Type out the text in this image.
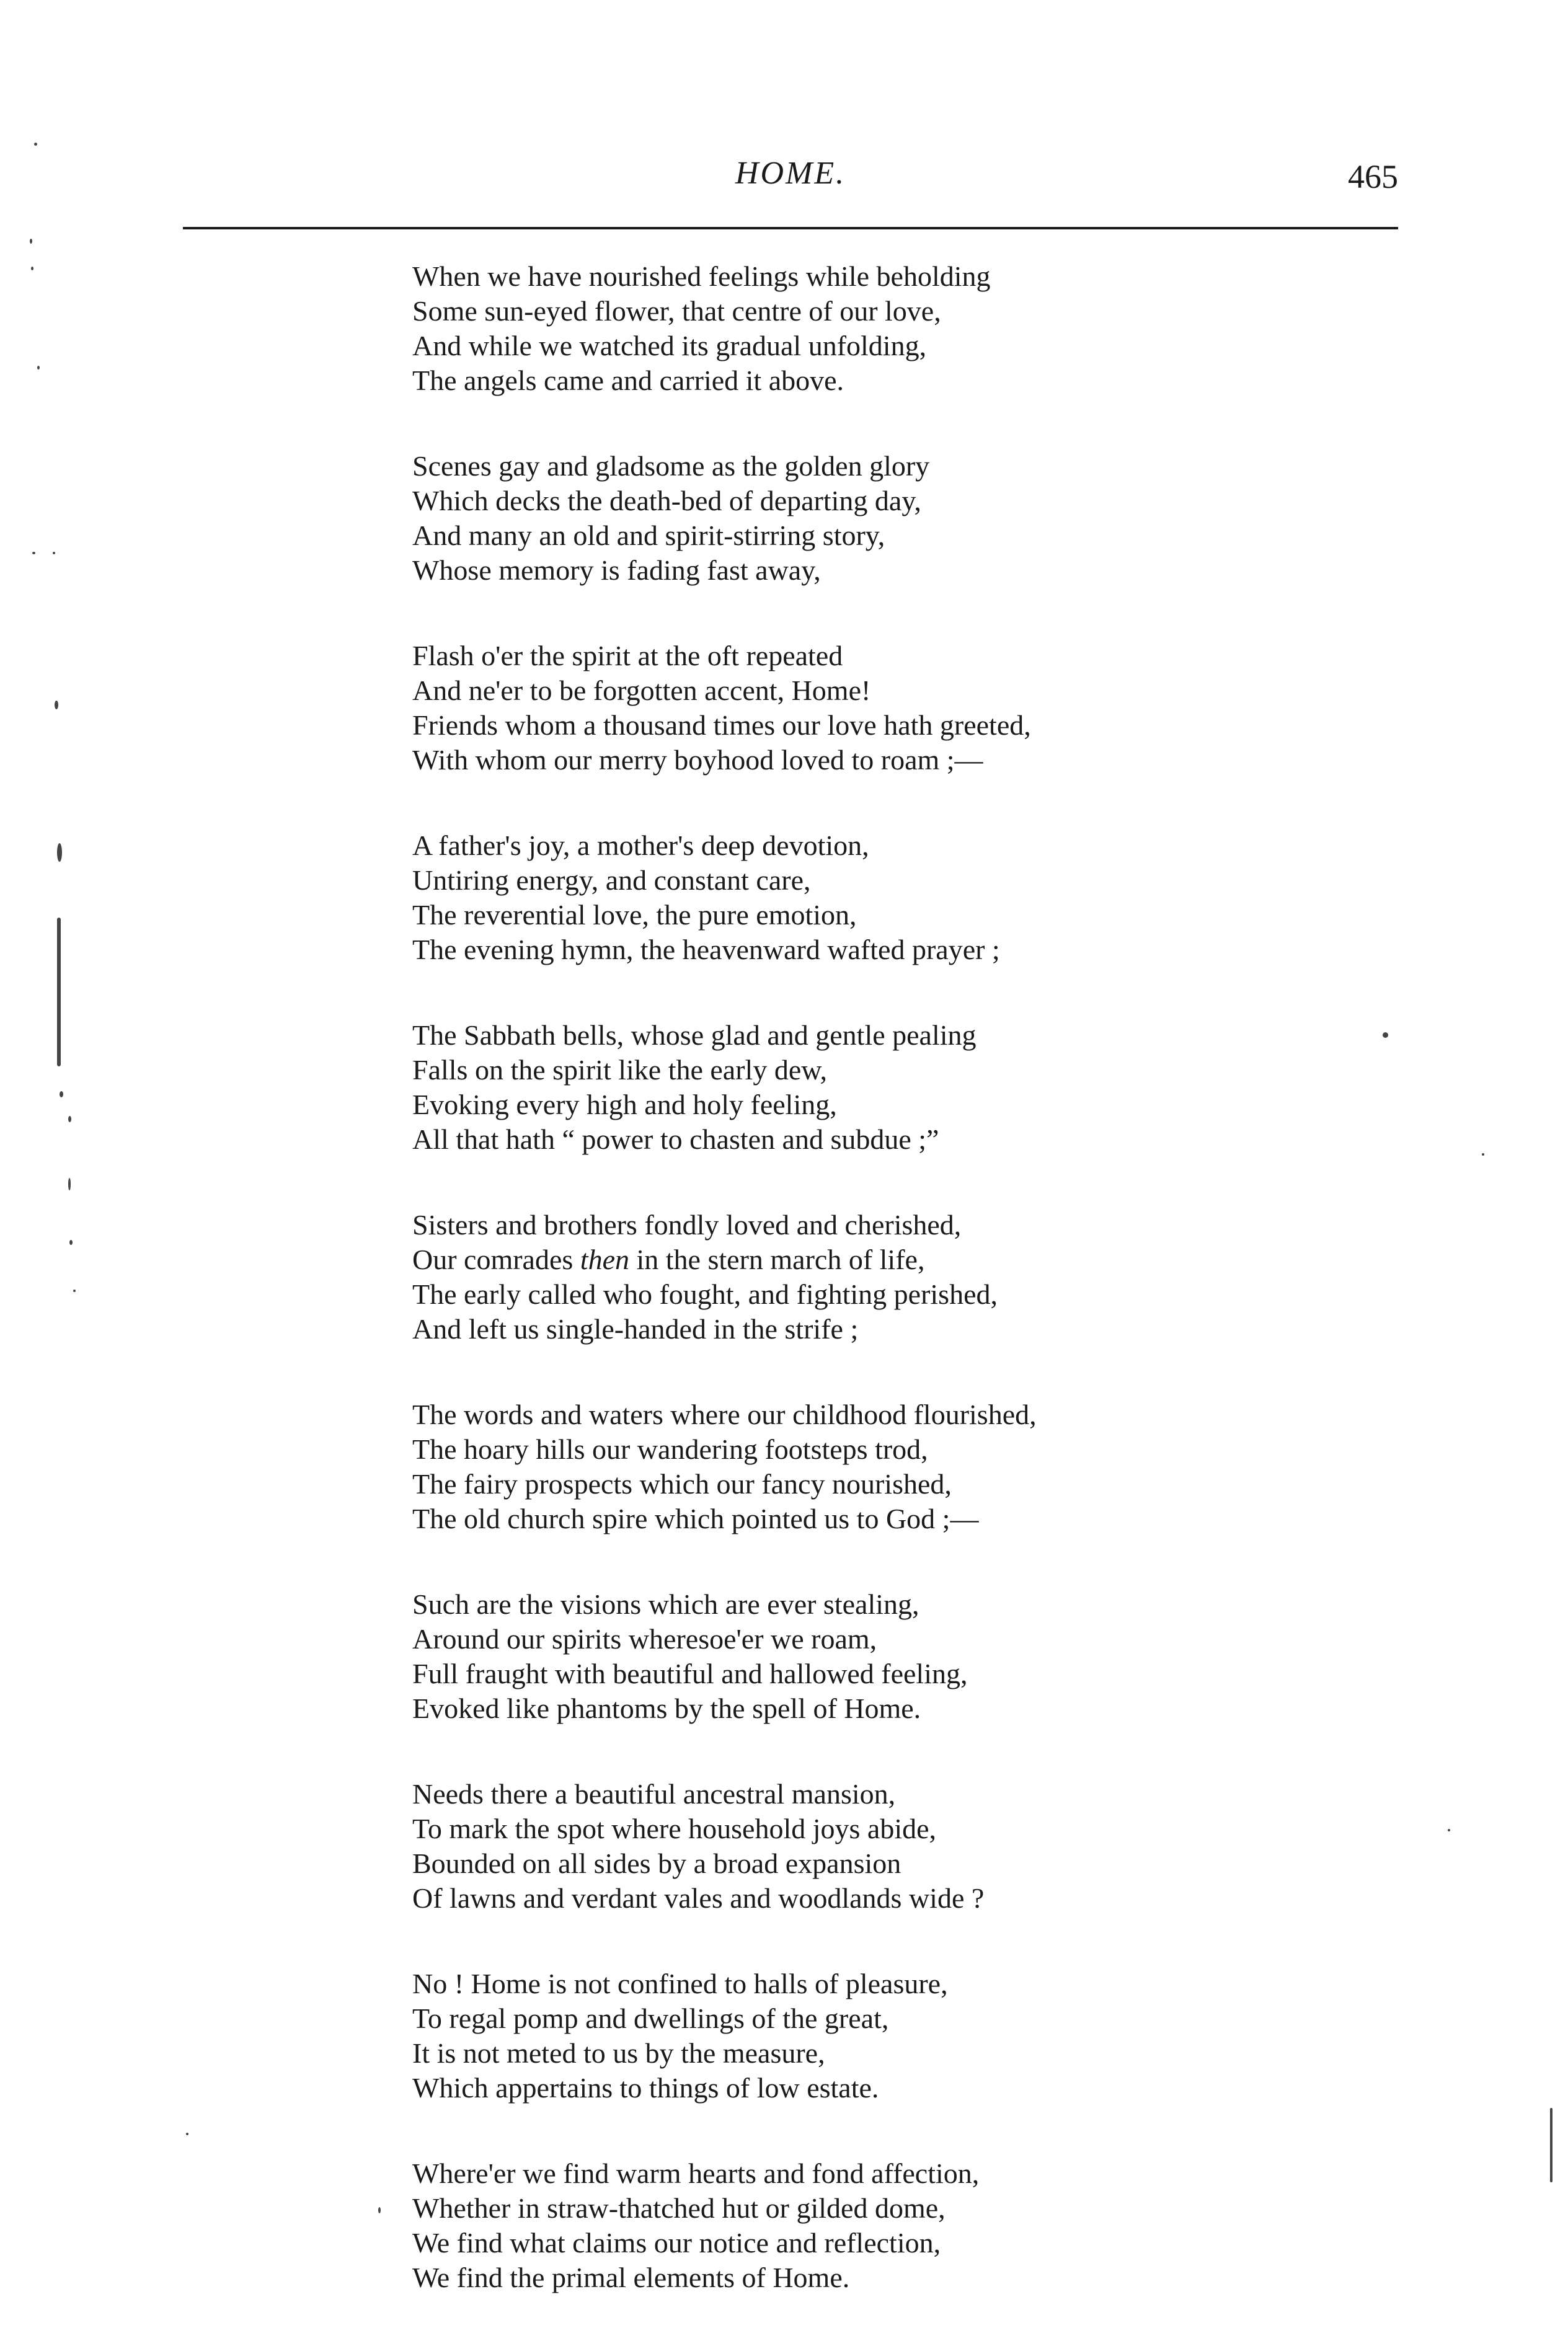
HOME.	465
When we have nourished feelings while beholding
Some sun-eyed flower, that centre of our love,
And while we watched its gradual unfolding,
The angels came and carried it above.
Scenes gay and gladsome as the golden glory
Which decks the death-bed of departing day,
And many an old and spirit-stirring story,
Whose memory is fading fast away,
Flash o'er the spirit at the oft repeated
And ne'er to be forgotten accent, Home!
Friends whom a thousand times our love hath greeted,
With whom our merry boyhood loved to roam ;—
A father's joy, a mother's deep devotion,
Untiring energy, and constant care,
The reverential love, the pure emotion,
The evening hymn, the heavenward wafted prayer ;
The Sabbath bells, whose glad and gentle pealing
Falls on the spirit like the early dew,
Evoking every high and holy feeling,
All that hath “ power to chasten and subdue ;”
Sisters and brothers fondly loved and cherished,
Our comrades then in the stern march of life,
The early called who fought, and fighting perished,
And left us single-handed in the strife ;
The words and waters where our childhood flourished,
The hoary hills our wandering footsteps trod,
The fairy prospects which our fancy nourished,
The old church spire which pointed us to God ;—
Such are the visions which are ever stealing,
Around our spirits wheresoe'er we roam,
Full fraught with beautiful and hallowed feeling,
Evoked like phantoms by the spell of Home.
Needs there a beautiful ancestral mansion,
To mark the spot where household joys abide,
Bounded on all sides by a broad expansion
Of lawns and verdant vales and woodlands wide ?
No ! Home is not confined to halls of pleasure,
To regal pomp and dwellings of the great,
It is not meted to us by the measure,
Which appertains to things of low estate.
Where'er we find warm hearts and fond affection,
Whether in straw-thatched hut or gilded dome,
We find what claims our notice and reflection,
We find the primal elements of Home.
